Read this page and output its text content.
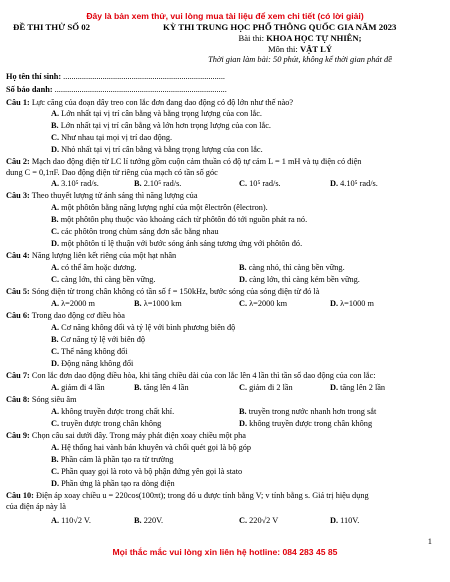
Đây là bản xem thử, vui lòng mua tài liệu để xem chi tiết (có lời giải)
ĐỀ THI THỬ SỐ 02	KỲ THI TRUNG HỌC PHỔ THÔNG QUỐC GIA NĂM 2023
Bài thi: KHOA HỌC TỰ NHIÊN;
Môn thi: VẬT LÝ
Thời gian làm bài: 50 phút, không kể thời gian phát đề
Họ tên thí sinh: ..............................................................................
Số báo danh: ...................................................................................
Câu 1: Lực căng của đoạn dây treo con lắc đơn đang dao động có độ lớn như thế nào?
A. Lớn nhất tại vị trí cân bằng và bằng trọng lượng của con lắc.
B. Lớn nhất tại vị trí cân bằng và lớn hơn trọng lượng của con lắc.
C. Như nhau tại mọi vị trí dao động.
D. Nhỏ nhất tại vị trí cân bằng và bằng trọng lượng của con lắc.
Câu 2: Mạch dao động điện từ LC lí tưởng gồm cuộn cảm thuần có độ tự cảm L = 1 mH và tụ điện có điện
dung C = 0,1πF. Dao động điện từ riêng của mạch có tần số góc
A. 3.10⁵ rad/s.	B. 2.10⁵ rad/s.	C. 10⁵ rad/s.	D. 4.10⁵ rad/s.
Câu 3: Theo thuyết lượng tử ánh sáng thì năng lượng của
A. một phôtôn bằng năng lượng nghỉ của một êlectrôn (êlectron).
B. một phôtôn phụ thuộc vào khoảng cách từ phôtôn đó tới nguồn phát ra nó.
C. các phôtôn trong chùm sáng đơn sắc bằng nhau
D. một phôtôn tỉ lệ thuận với bước sóng ánh sáng tương ứng với phôtôn đó.
Câu 4: Năng lượng liên kết riêng của một hạt nhân
A. có thể âm hoặc dương.	B. càng nhỏ, thì càng bền vững.
C. càng lớn, thì càng bền vững.	D. càng lớn, thì càng kém bền vững.
Câu 5: Sóng điện từ trong chân không có tần số f = 150kHz, bước sóng của sóng điện từ đó là
A. λ=2000 m	B. λ=1000 km	C. λ=2000 km	D. λ=1000 m
Câu 6: Trong dao động cơ điều hòa
A. Cơ năng không đổi và tỷ lệ với bình phương biên độ
B. Cơ năng tỷ lệ với biên độ
C. Thế năng không đổi
D. Động năng không đổi
Câu 7: Con lắc đơn dao động điều hòa, khi tăng chiều dài của con lắc lên 4 lần thì tần số dao động của con lắc:
A. giảm đi 4 lần	B. tăng lên 4 lần	C. giảm đi 2 lần	D. tăng lên 2 lần
Câu 8: Sóng siêu âm
A. không truyền được trong chất khí.	B. truyền trong nước nhanh hơn trong sắt
C. truyền được trong chân không	D. không truyền được trong chân không
Câu 9: Chọn câu sai dưới đây. Trong máy phát điện xoay chiều một pha
A. Hệ thống hai vành bán khuyên và chổi quét gọi là bộ góp
B. Phần cảm là phần tạo ra từ trường
C. Phần quay gọi là roto và bộ phận đứng yên gọi là stato
D. Phần ứng là phần tạo ra dòng điện
Câu 10: Điện áp xoay chiều u = 220cos(100πt); trong đó u được tính bằng V; v tính bằng s. Giá trị hiệu dụng
của điện áp này là
A. 110√2 V.	B. 220V.	C. 220√2 V	D. 110V.
1
Mọi thắc mắc vui lòng xin liên hệ hotline: 084 283 45 85
